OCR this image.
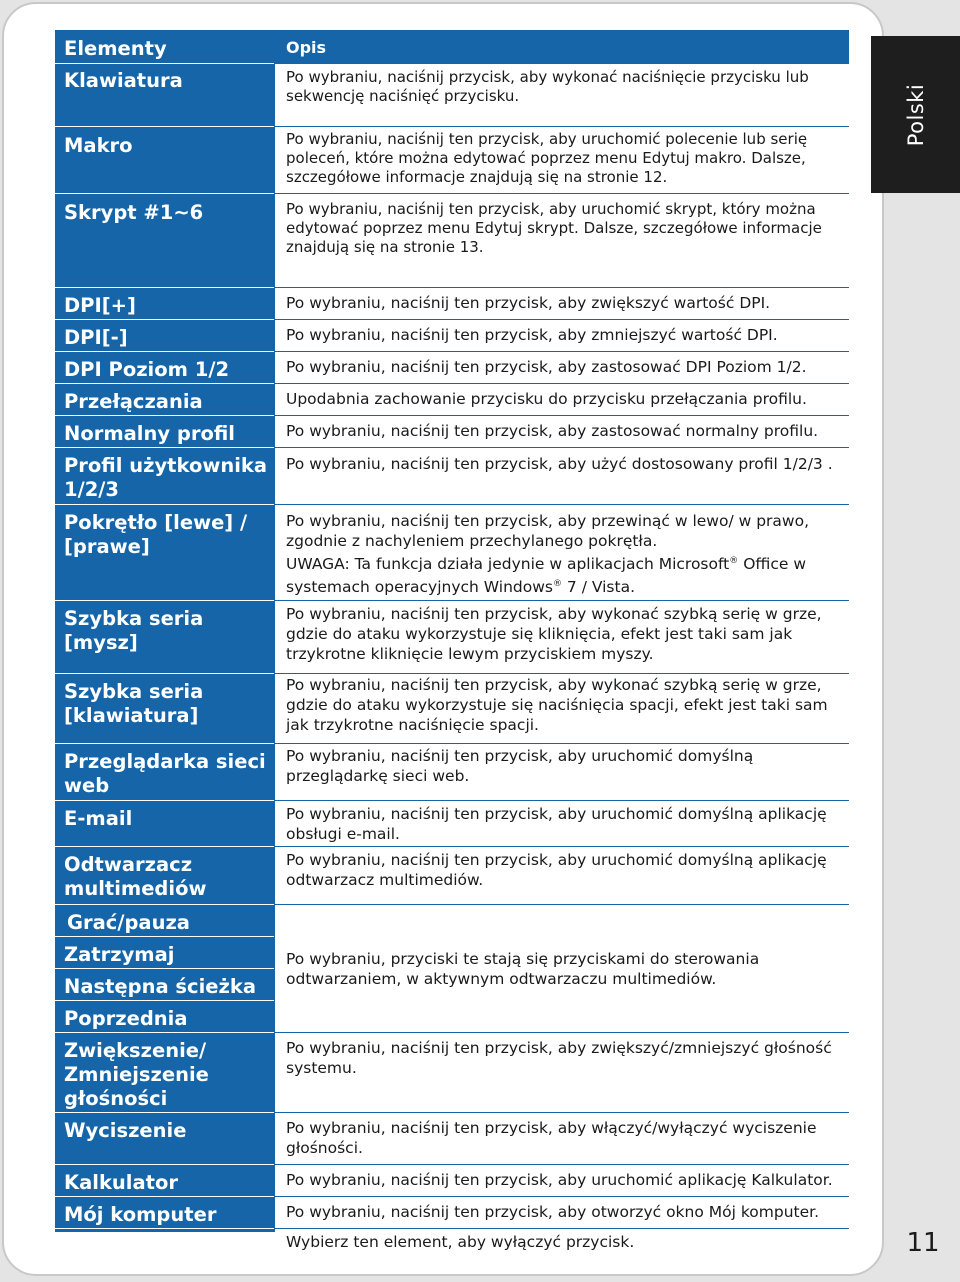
Polski
Elementy
Klawiatura
Makro
Skrypt #1~6
DPI[+]
DPI[-]
DPI Poziom 1/2
Przełączania
Normalny profil
Profil użytkownika 1/2/3
Pokrętło [lewe] / [prawe]
Szybka seria [mysz]
Szybka seria [klawiatura]
Przeglądarka sieci web
E-mail
Odtwarzacz multimediów
Grać/pauza
Zatrzymaj
Następna ścieżka
Poprzednia
Zwiększenie/ Zmniejszenie głośności
Wyciszenie
Kalkulator
Mój komputer
Wyłączone
Opis
Po wybraniu, naciśnij przycisk, aby wykonać naciśnięcie przycisku lub sekwencję naciśnięć przycisku.
Po wybraniu, naciśnij ten przycisk, aby uruchomić polecenie lub serię poleceń, które można edytować poprzez menu Edytuj makro. Dalsze, szczegółowe informacje znajdują się na stronie 12.
Po wybraniu, naciśnij ten przycisk, aby uruchomić skrypt, który można edytować poprzez menu Edytuj skrypt. Dalsze, szczegółowe informacje znajdują się na stronie 13.
Po wybraniu, naciśnij ten przycisk, aby zwiększyć wartość DPI.
Po wybraniu, naciśnij ten przycisk, aby zmniejszyć wartość DPI.
Po wybraniu, naciśnij ten przycisk, aby zastosować DPI Poziom 1/2.
Upodabnia zachowanie przycisku do przycisku przełączania profilu.
Po wybraniu, naciśnij ten przycisk, aby zastosować normalny profilu.
Po wybraniu, naciśnij ten przycisk, aby użyć dostosowany profil 1/2/3 .
Po wybraniu, naciśnij ten przycisk, aby przewinąć w lewo/ w prawo, zgodnie z nachyleniem przechylanego pokrętła.
UWAGA: Ta funkcja działa jedynie w aplikacjach Microsoft® Office w systemach operacyjnych Windows® 7 / Vista.
Po wybraniu, naciśnij ten przycisk, aby wykonać szybką serię w grze, gdzie do ataku wykorzystuje się kliknięcia, efekt jest taki sam jak trzykrotne kliknięcie lewym przyciskiem myszy.
Po wybraniu, naciśnij ten przycisk, aby wykonać szybką serię w grze, gdzie do ataku wykorzystuje się naciśnięcia spacji, efekt jest taki sam jak trzykrotne naciśnięcie spacji.
Po wybraniu, naciśnij ten przycisk, aby uruchomić domyślną przeglądarkę sieci web.
Po wybraniu, naciśnij ten przycisk, aby uruchomić domyślną aplikację obsługi e-mail.
Po wybraniu, naciśnij ten przycisk, aby uruchomić domyślną aplikację odtwarzacz multimediów.
Po wybraniu, przyciski te stają się przyciskami do sterowania odtwarzaniem, w aktywnym odtwarzaczu multimediów.
Po wybraniu, naciśnij ten przycisk, aby zwiększyć/zmniejszyć głośność systemu.
Po wybraniu, naciśnij ten przycisk, aby włączyć/wyłączyć wyciszenie głośności.
Po wybraniu, naciśnij ten przycisk, aby uruchomić aplikację Kalkulator.
Po wybraniu, naciśnij ten przycisk, aby otworzyć okno Mój komputer.
Wybierz ten element, aby wyłączyć przycisk.	11
